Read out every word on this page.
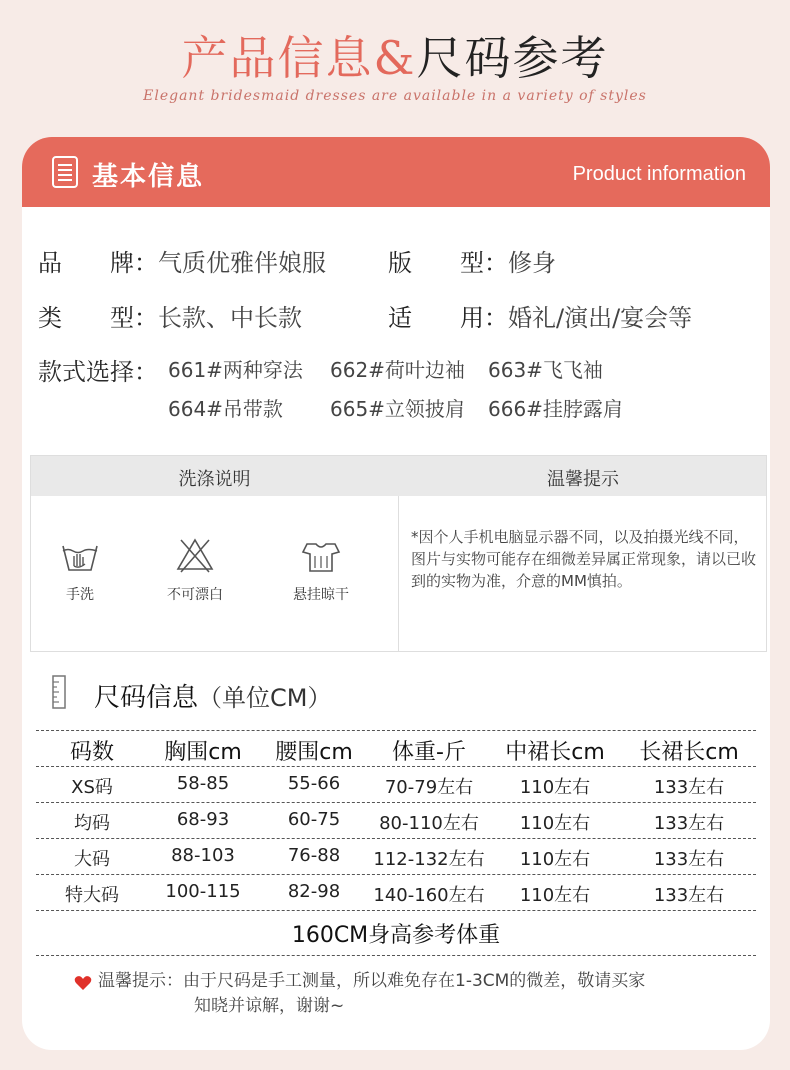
产品信息&尺码参考
Elegant bridesmaid dresses are available in a variety of styles
基本信息	Product information
品　　牌：气质优雅伴娘服	版　　型：修身
类　　型：长款、中长款	适　　用：婚礼/演出/宴会等
款式选择： 661#两种穿法 662#荷叶边袖 663#飞飞袖
664#吊带款 665#立领披肩 666#挂脖露肩
洗涤说明	温馨提示
手洗	不可漂白	悬挂晾干
*因个人手机电脑显示器不同，以及拍摄光线不同，图片与实物可能存在细微差异属正常现象，请以已收到的实物为准，介意的MM慎拍。
尺码信息（单位CM）
码数	胸围cm	腰围cm	体重-斤	中裙长cm	长裙长cm
XS码	58-85	55-66	70-79左右	110左右	133左右
均码	68-93	60-75	80-110左右	110左右	133左右
大码	88-103	76-88	112-132左右	110左右	133左右
特大码	100-115	82-98	140-160左右	110左右	133左右
160CM身高参考体重
温馨提示：由于尺码是手工测量，所以难免存在1-3CM的微差，敬请买家
知晓并谅解，谢谢~
